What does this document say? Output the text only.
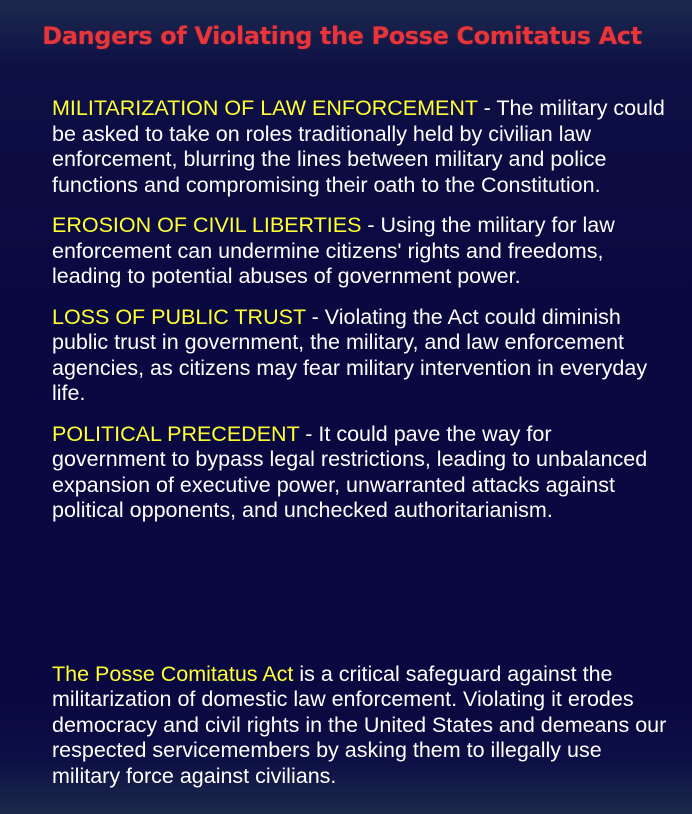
Dangers of Violating the Posse Comitatus Act

MILITARIZATION OF LAW ENFORCEMENT - The military could be asked to take on roles traditionally held by civilian law enforcement, blurring the lines between military and police functions and compromising their oath to the Constitution.

EROSION OF CIVIL LIBERTIES - Using the military for law enforcement can undermine citizens' rights and freedoms, leading to potential abuses of government power.

LOSS OF PUBLIC TRUST - Violating the Act could diminish public trust in government, the military, and law enforcement agencies, as citizens may fear military intervention in everyday life.

POLITICAL PRECEDENT - It could pave the way for government to bypass legal restrictions, leading to unbalanced expansion of executive power, unwarranted attacks against political opponents, and unchecked authoritarianism.

The Posse Comitatus Act is a critical safeguard against the militarization of domestic law enforcement. Violating it erodes democracy and civil rights in the United States and demeans our respected servicemembers by asking them to illegally use military force against civilians.
